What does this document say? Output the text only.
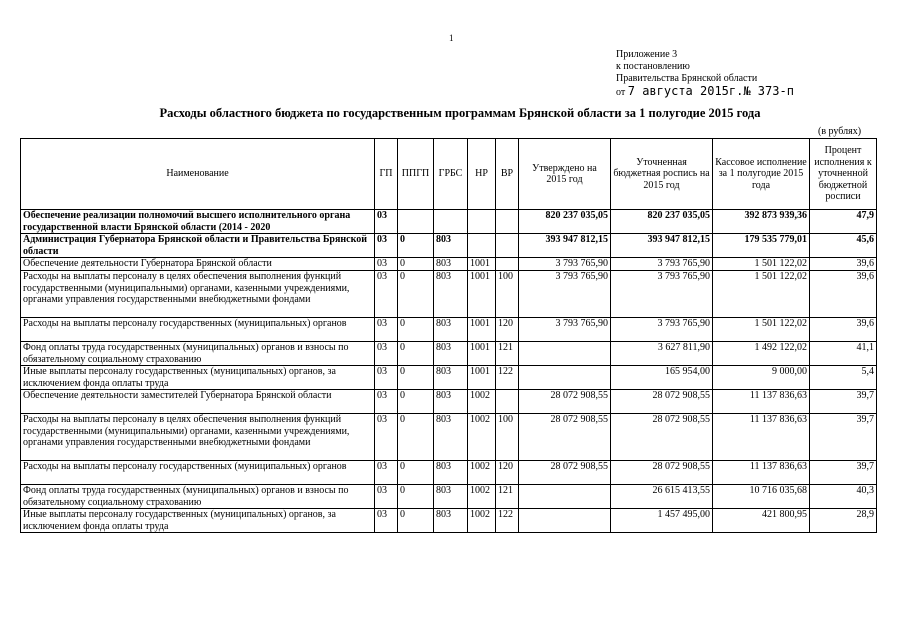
1
Приложение 3
к постановлению
Правительства Брянской области
от 7 августа 2015г.№ 373-п
Расходы областного бюджета по государственным программам Брянской области за 1 полугодие 2015 года
(в рублях)
Наименование	ГП	ППГП	ГРБС	НР	ВР	Утверждено на 2015 год	Уточненная бюджетная роспись на 2015 год	Кассовое исполнение за 1 полугодие 2015 года	Процент исполнения к уточненной бюджетной росписи
Обеспечение реализации полномочий высшего исполнительного органа государственной власти Брянской области (2014 - 2020	03					820 237 035,05	820 237 035,05	392 873 939,36	47,9
Администрация Губернатора Брянской области и Правительства Брянской области	03	0	803			393 947 812,15	393 947 812,15	179 535 779,01	45,6
Обеспечение деятельности Губернатора Брянской области	03	0	803	1001		3 793 765,90	3 793 765,90	1 501 122,02	39,6
Расходы на выплаты персоналу в целях обеспечения выполнения функций государственными (муниципальными) органами, казенными учреждениями, органами управления государственными внебюджетными фондами	03	0	803	1001	100	3 793 765,90	3 793 765,90	1 501 122,02	39,6
Расходы на выплаты персоналу государственных (муниципальных) органов	03	0	803	1001	120	3 793 765,90	3 793 765,90	1 501 122,02	39,6
Фонд оплаты труда государственных (муниципальных) органов и взносы по обязательному социальному страхованию	03	0	803	1001	121		3 627 811,90	1 492 122,02	41,1
Иные выплаты персоналу государственных (муниципальных) органов, за исключением фонда оплаты труда	03	0	803	1001	122		165 954,00	9 000,00	5,4
Обеспечение деятельности заместителей Губернатора Брянской области	03	0	803	1002		28 072 908,55	28 072 908,55	11 137 836,63	39,7
Расходы на выплаты персоналу в целях обеспечения выполнения функций государственными (муниципальными) органами, казенными учреждениями, органами управления государственными внебюджетными фондами	03	0	803	1002	100	28 072 908,55	28 072 908,55	11 137 836,63	39,7
Расходы на выплаты персоналу государственных (муниципальных) органов	03	0	803	1002	120	28 072 908,55	28 072 908,55	11 137 836,63	39,7
Фонд оплаты труда государственных (муниципальных) органов и взносы по обязательному социальному страхованию	03	0	803	1002	121		26 615 413,55	10 716 035,68	40,3
Иные выплаты персоналу государственных (муниципальных) органов, за исключением фонда оплаты труда	03	0	803	1002	122		1 457 495,00	421 800,95	28,9
